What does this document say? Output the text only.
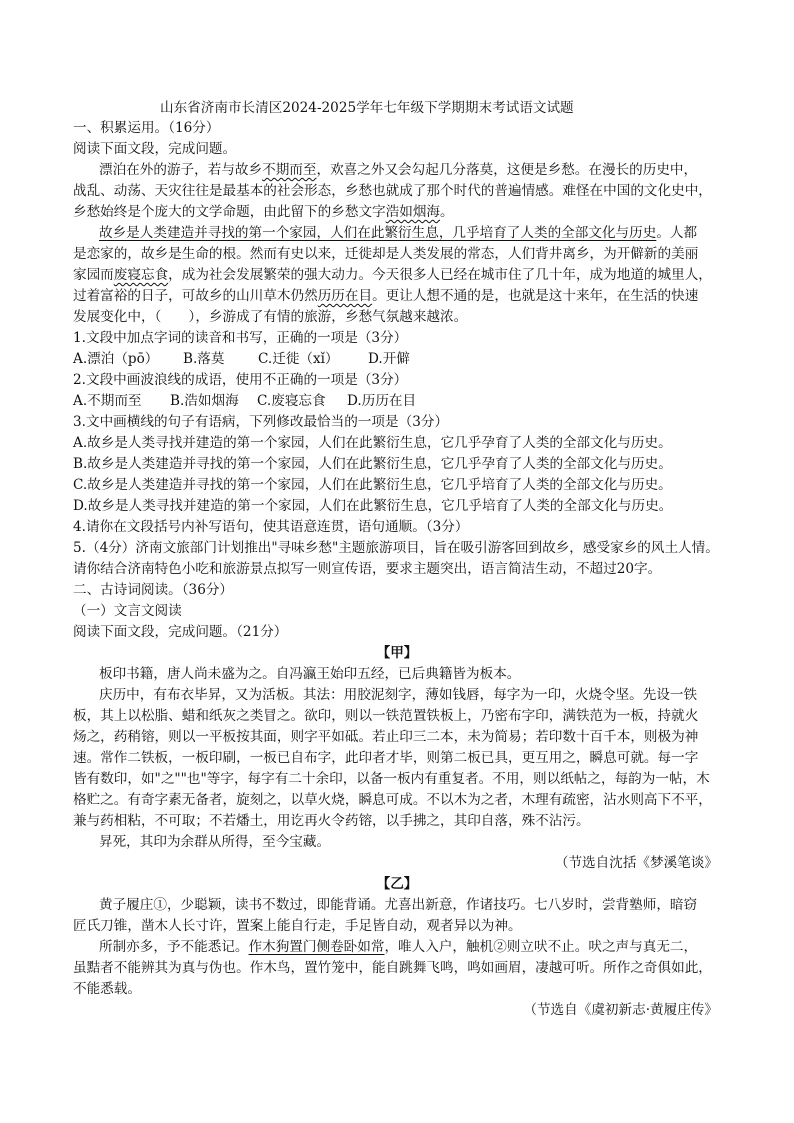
山东省济南市长清区2024-2025学年七年级下学期期末考试语文试题
一、积累运用。（16分）
阅读下面文段，完成问题。
漂泊在外的游子，若与故乡不期而至，欢喜之外又会勾起几分落莫，这便是乡愁。在漫长的历史中，
战乱、动荡、天灾往往是最基本的社会形态，乡愁也就成了那个时代的普遍情感。难怪在中国的文化史中，
乡愁始终是个庞大的文学命题，由此留下的乡愁文字浩如烟海。
故乡是人类建造并寻找的第一个家园，人们在此繁衍生息，几乎培育了人类的全部文化与历史。人都
是恋家的，故乡是生命的根。然而有史以来，迁徙却是人类发展的常态，人们背井离乡，为开僻新的美丽
家园而废寝忘食，成为社会发展繁荣的强大动力。今天很多人已经在城市住了几十年，成为地道的城里人，
过着富裕的日子，可故乡的山川草木仍然历历在目。更让人想不通的是，也就是这十来年，在生活的快速
发展变化中，（　　），乡游成了有情的旅游，乡愁气氛越来越浓。
1.文段中加点字词的读音和书写，正确的一项是（3分）
A.漂泊（pō） B.落莫 C.迁徙（xǐ） D.开僻
2.文段中画波浪线的成语，使用不正确的一项是（3分）
A.不期而至 B.浩如烟海 C.废寝忘食 D.历历在目
3.文中画横线的句子有语病，下列修改最恰当的一项是（3分）
A.故乡是人类寻找并建造的第一个家园，人们在此繁衍生息，它几乎孕育了人类的全部文化与历史。
B.故乡是人类建造并寻找的第一个家园，人们在此繁衍生息，它几乎孕育了人类的全部文化与历史。
C.故乡是人类建造并寻找的第一个家园，人们在此繁衍生息，它几乎培育了人类的全部文化与历史。
D.故乡是人类寻找并建造的第一个家园，人们在此繁衍生息，它几乎培育了人类的全部文化与历史。
4.请你在文段括号内补写语句，使其语意连贯，语句通顺。（3分）
5.（4分）济南文旅部门计划推出"寻味乡愁"主题旅游项目，旨在吸引游客回到故乡，感受家乡的风土人情。
请你结合济南特色小吃和旅游景点拟写一则宣传语，要求主题突出，语言简洁生动，不超过20字。
二、古诗词阅读。（36分）
（一）文言文阅读
阅读下面文段，完成问题。（21分）
【甲】
板印书籍，唐人尚未盛为之。自冯瀛王始印五经，已后典籍皆为板本。
庆历中，有布衣毕昇，又为活板。其法：用胶泥刻字，薄如钱唇，每字为一印，火烧令坚。先设一铁
板，其上以松脂、蜡和纸灰之类冒之。欲印，则以一铁范置铁板上，乃密布字印，满铁范为一板，持就火
炀之，药稍镕，则以一平板按其面，则字平如砥。若止印三二本，未为简易；若印数十百千本，则极为神
速。常作二铁板，一板印刷，一板已自布字，此印者才毕，则第二板已具，更互用之，瞬息可就。每一字
皆有数印，如"之""也"等字，每字有二十余印，以备一板内有重复者。不用，则以纸帖之，每韵为一帖，木
格贮之。有奇字素无备者，旋刻之，以草火烧，瞬息可成。不以木为之者，木理有疏密，沾水则高下不平，
兼与药相粘，不可取；不若燔土，用讫再火令药镕，以手拂之，其印自落，殊不沾污。
昇死，其印为余群从所得，至今宝藏。
（节选自沈括《梦溪笔谈》
【乙】
黄子履庄①，少聪颖，读书不数过，即能背诵。尤喜出新意，作诸技巧。七八岁时，尝背塾师，暗窃
匠氏刀锥，凿木人长寸许，置案上能自行走，手足皆自动，观者异以为神。
所制亦多，予不能悉记。作木狗置门侧卷卧如常，唯人入户，触机②则立吠不止。吠之声与真无二，
虽黠者不能辨其为真与伪也。作木鸟，置竹笼中，能自跳舞飞鸣，鸣如画眉，凄越可听。所作之奇俱如此，
不能悉载。
（节选自《虞初新志·黄履庄传》
